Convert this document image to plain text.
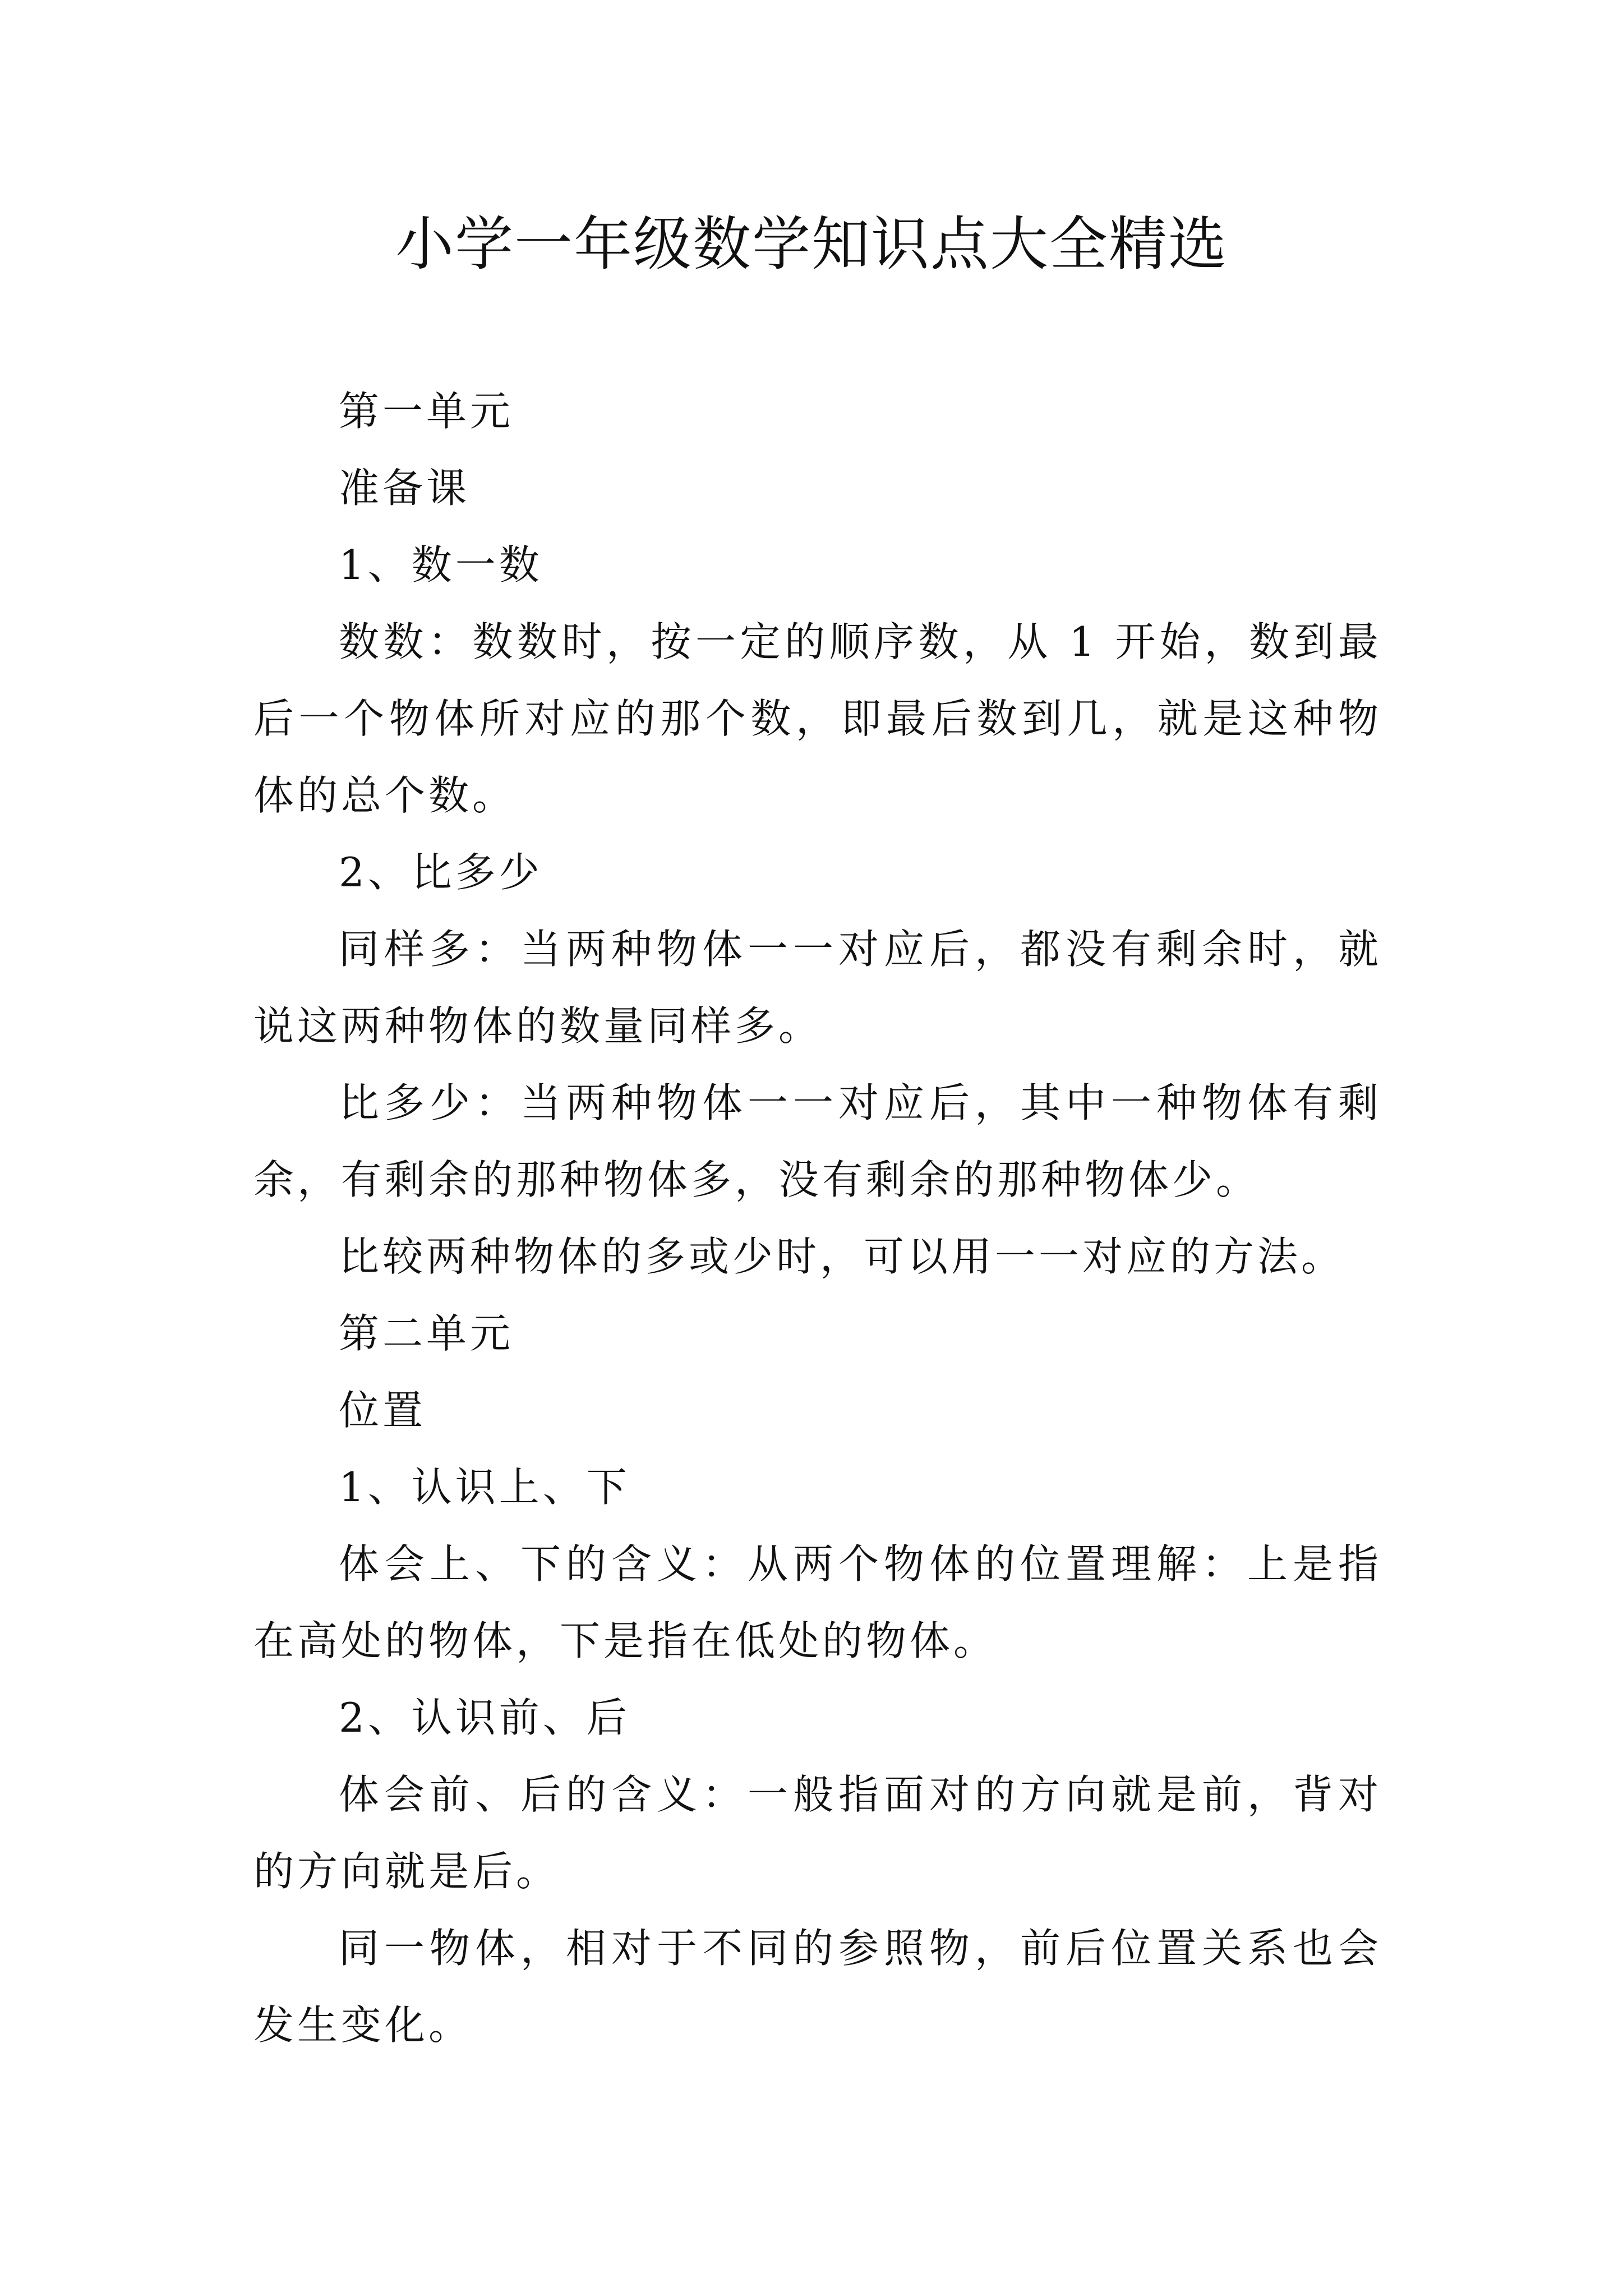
小学一年级数学知识点大全精选

第一单元

准备课

1、数一数

数数：数数时，按一定的顺序数，从 1 开始，数到最后一个物体所对应的那个数，即最后数到几，就是这种物体的总个数。

2、比多少

同样多：当两种物体一一对应后，都没有剩余时，就说这两种物体的数量同样多。

比多少：当两种物体一一对应后，其中一种物体有剩余，有剩余的那种物体多，没有剩余的那种物体少。

比较两种物体的多或少时，可以用一一对应的方法。

第二单元

位置

1、认识上、下

体会上、下的含义：从两个物体的位置理解：上是指在高处的物体，下是指在低处的物体。

2、认识前、后

体会前、后的含义：一般指面对的方向就是前，背对的方向就是后。

同一物体，相对于不同的参照物，前后位置关系也会发生变化。
